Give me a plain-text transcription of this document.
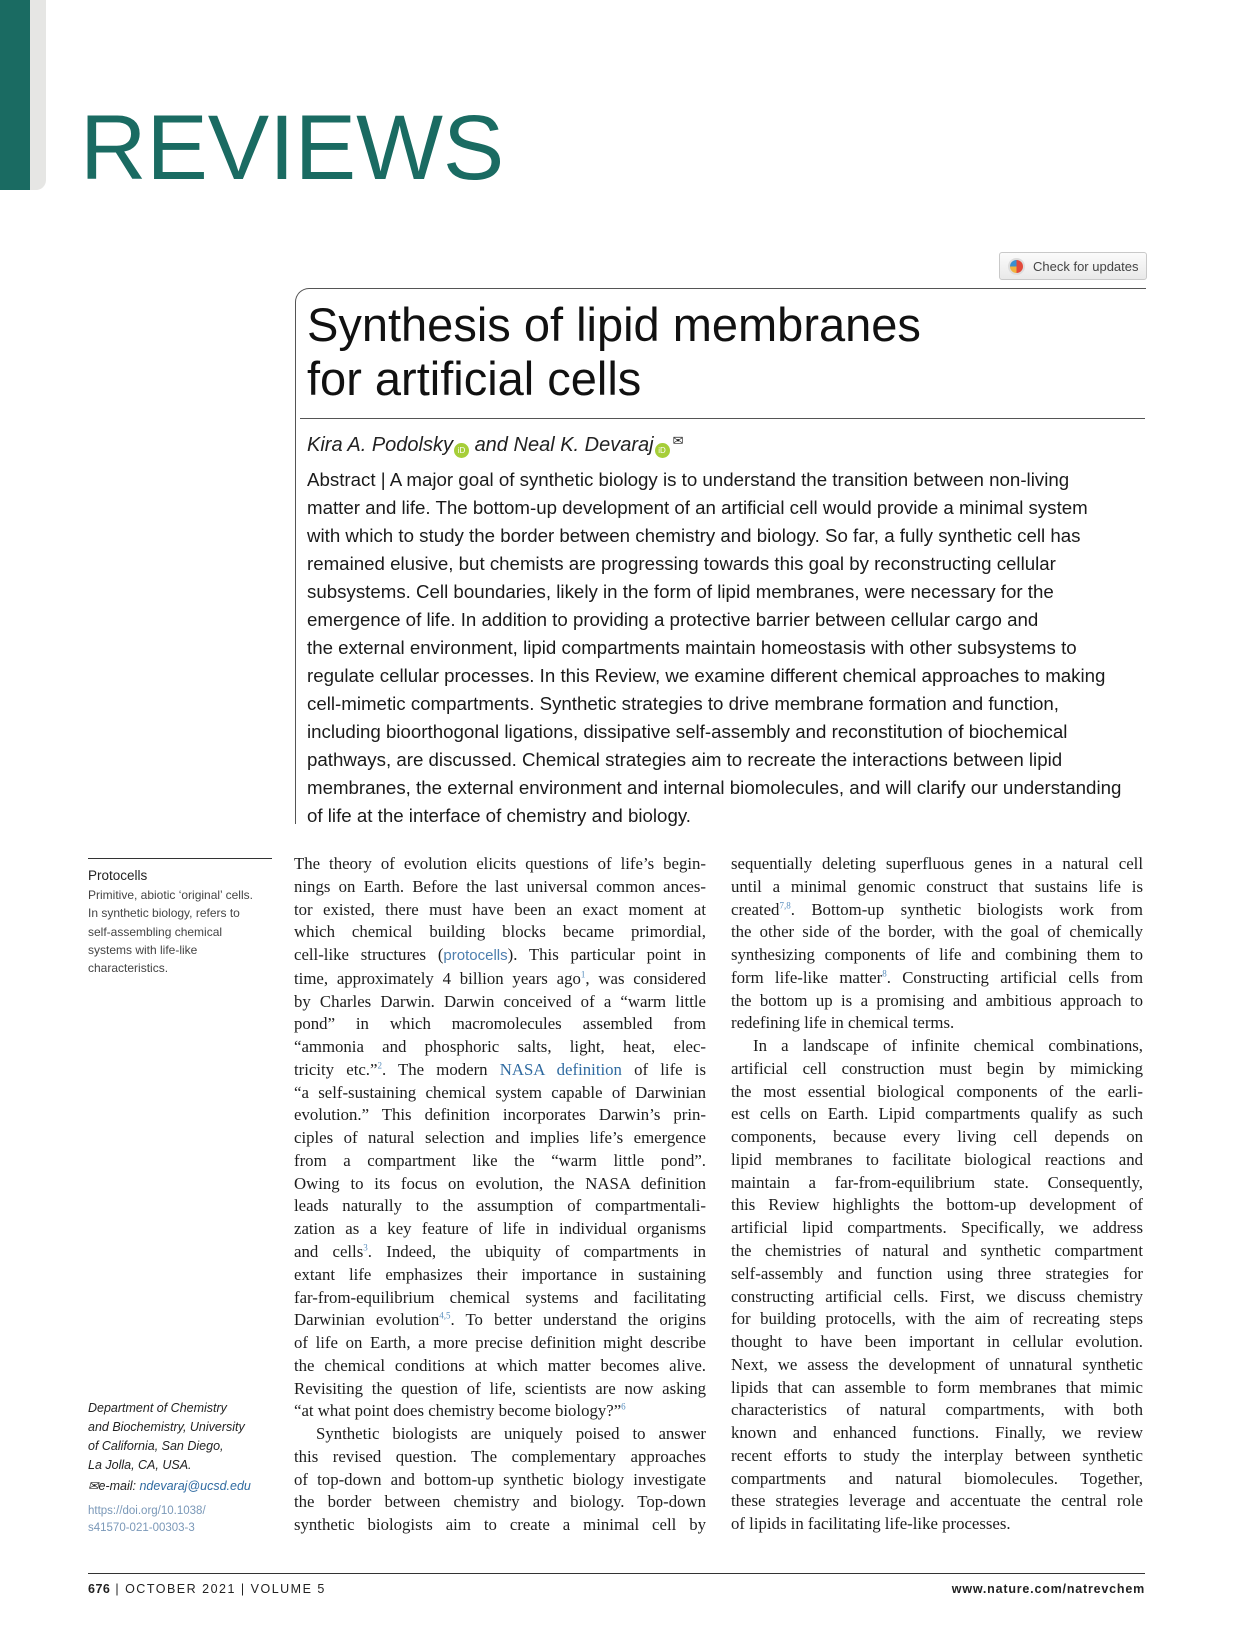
REVIEWS
Check for updates
Synthesis of lipid membranes
for artificial cells
Kira A. Podolsky iD and Neal K. Devaraj iD✉
Abstract | A major goal of synthetic biology is to understand the transition between non-living
matter and life. The bottom-up development of an artificial cell would provide a minimal system
with which to study the border between chemistry and biology. So far, a fully synthetic cell has
remained elusive, but chemists are progressing towards this goal by reconstructing cellular
subsystems. Cell boundaries, likely in the form of lipid membranes, were necessary for the
emergence of life. In addition to providing a protective barrier between cellular cargo and
the external environment, lipid compartments maintain homeostasis with other subsystems to
regulate cellular processes. In this Review, we examine different chemical approaches to making
cell-mimetic compartments. Synthetic strategies to drive membrane formation and function,
including bioorthogonal ligations, dissipative self-assembly and reconstitution of biochemical
pathways, are discussed. Chemical strategies aim to recreate the interactions between lipid
membranes, the external environment and internal biomolecules, and will clarify our understanding
of life at the interface of chemistry and biology.
Protocells
Primitive, abiotic ‘original’ cells.
In synthetic biology, refers to
self-assembling chemical
systems with life-like
characteristics.
Department of Chemistry
and Biochemistry, University
of California, San Diego,
La Jolla, CA, USA.
✉e-mail: ndevaraj@ucsd.edu
https://doi.org/10.1038/
s41570-021-00303-3
The theory of evolution elicits questions of life’s begin-
nings on Earth. Before the last universal common ances-
tor existed, there must have been an exact moment at
which chemical building blocks became primordial,
cell-like structures (protocells). This particular point in
time, approximately 4 billion years ago$^1$, was considered
by Charles Darwin. Darwin conceived of a “warm little
pond” in which macromolecules assembled from
“ammonia and phosphoric salts, light, heat, elec-
tricity etc.”$^2$. The modern NASA definition of life is
“a self-sustaining chemical system capable of Darwinian
evolution.” This definition incorporates Darwin’s prin-
ciples of natural selection and implies life’s emergence
from a compartment like the “warm little pond”.
Owing to its focus on evolution, the NASA definition
leads naturally to the assumption of compartmentali-
zation as a key feature of life in individual organisms
and cells$^3$. Indeed, the ubiquity of compartments in
extant life emphasizes their importance in sustaining
far-from-equilibrium chemical systems and facilitating
Darwinian evolution$^{4,5}$. To better understand the origins
of life on Earth, a more precise definition might describe
the chemical conditions at which matter becomes alive.
Revisiting the question of life, scientists are now asking
“at what point does chemistry become biology?”$^6$
Synthetic biologists are uniquely poised to answer
this revised question. The complementary approaches
of top-down and bottom-up synthetic biology investigate
the border between chemistry and biology. Top-down
synthetic biologists aim to create a minimal cell by
sequentially deleting superfluous genes in a natural cell
until a minimal genomic construct that sustains life is
created$^{7,8}$. Bottom-up synthetic biologists work from
the other side of the border, with the goal of chemically
synthesizing components of life and combining them to
form life-like matter$^8$. Constructing artificial cells from
the bottom up is a promising and ambitious approach to
redefining life in chemical terms.
In a landscape of infinite chemical combinations,
artificial cell construction must begin by mimicking
the most essential biological components of the earli-
est cells on Earth. Lipid compartments qualify as such
components, because every living cell depends on
lipid membranes to facilitate biological reactions and
maintain a far-from-equilibrium state. Consequently,
this Review highlights the bottom-up development of
artificial lipid compartments. Specifically, we address
the chemistries of natural and synthetic compartment
self-assembly and function using three strategies for
constructing artificial cells. First, we discuss chemistry
for building protocells, with the aim of recreating steps
thought to have been important in cellular evolution.
Next, we assess the development of unnatural synthetic
lipids that can assemble to form membranes that mimic
characteristics of natural compartments, with both
known and enhanced functions. Finally, we review
recent efforts to study the interplay between synthetic
compartments and natural biomolecules. Together,
these strategies leverage and accentuate the central role
of lipids in facilitating life-like processes.
676 | OCTOBER 2021 | VOLUME 5	www.nature.com/natrevchem
